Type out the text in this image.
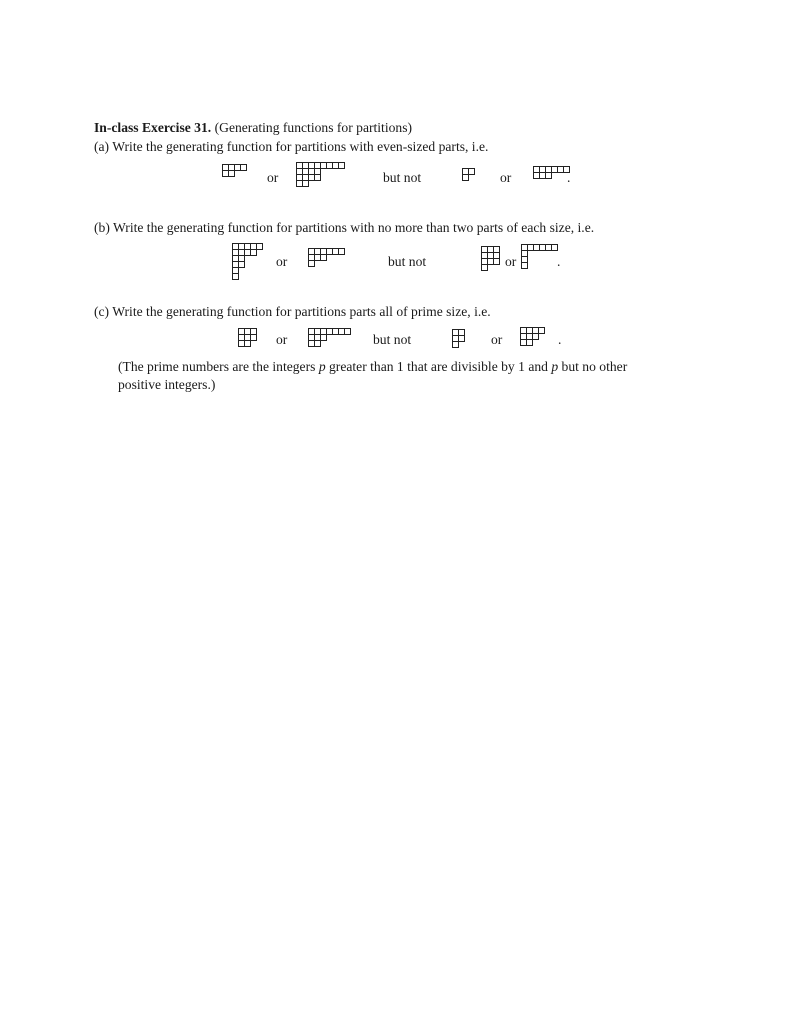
In-class Exercise 31. (Generating functions for partitions)
(a) Write the generating function for partitions with even-sized parts, i.e.
or	but not	or	.
(b) Write the generating function for partitions with no more than two parts of each size, i.e.
or	but not	or	.
(c) Write the generating function for partitions parts all of prime size, i.e.
or	but not	or	.
(The prime numbers are the integers p greater than 1 that are divisible by 1 and p but no other
positive integers.)
